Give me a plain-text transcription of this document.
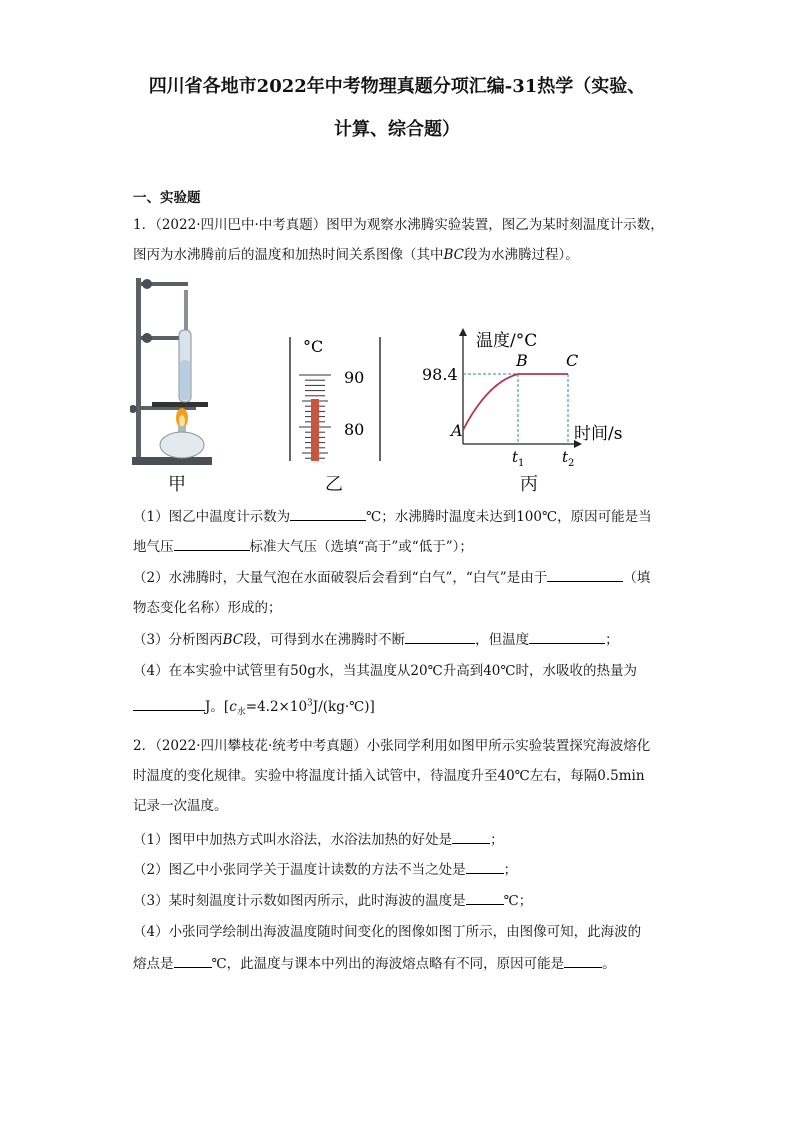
四川省各地市2022年中考物理真题分项汇编-31热学（实验、
计算、综合题）
一、实验题
1．（2022·四川巴中·中考真题）图甲为观察水沸腾实验装置，图乙为某时刻温度计示数，
图丙为水沸腾前后的温度和加热时间关系图像（其中BC段为水沸腾过程）。
甲
°C
90
80
乙
温度/°C
98.4
A
B C
时间/s
t 1	t 2
丙
（1）图乙中温度计示数为	℃；水沸腾时温度未达到100℃，原因可能是当
地气压	标准大气压（选填“高于”或“低于”）；
（2）水沸腾时，大量气泡在水面破裂后会看到“白气”，“白气”是由于	（填
物态变化名称）形成的；
（3）分析图丙BC段，可得到水在沸腾时不断	，但温度	；
（4）在本实验中试管里有50g水，当其温度从20℃升高到40℃时，水吸收的热量为
J。$[c_水=4.2\times 10^3J/(kg\cdot℃)]$
2．（2022·四川攀枝花·统考中考真题）小张同学利用如图甲所示实验装置探究海波熔化
时温度的变化规律。实验中将温度计插入试管中，待温度升至40℃左右，每隔0.5min
记录一次温度。
（1）图甲中加热方式叫水浴法，水浴法加热的好处是	；
（2）图乙中小张同学关于温度计读数的方法不当之处是	；
（3）某时刻温度计示数如图丙所示，此时海波的温度是	℃；
（4）小张同学绘制出海波温度随时间变化的图像如图丁所示，由图像可知，此海波的
熔点是	℃，此温度与课本中列出的海波熔点略有不同，原因可能是	。
